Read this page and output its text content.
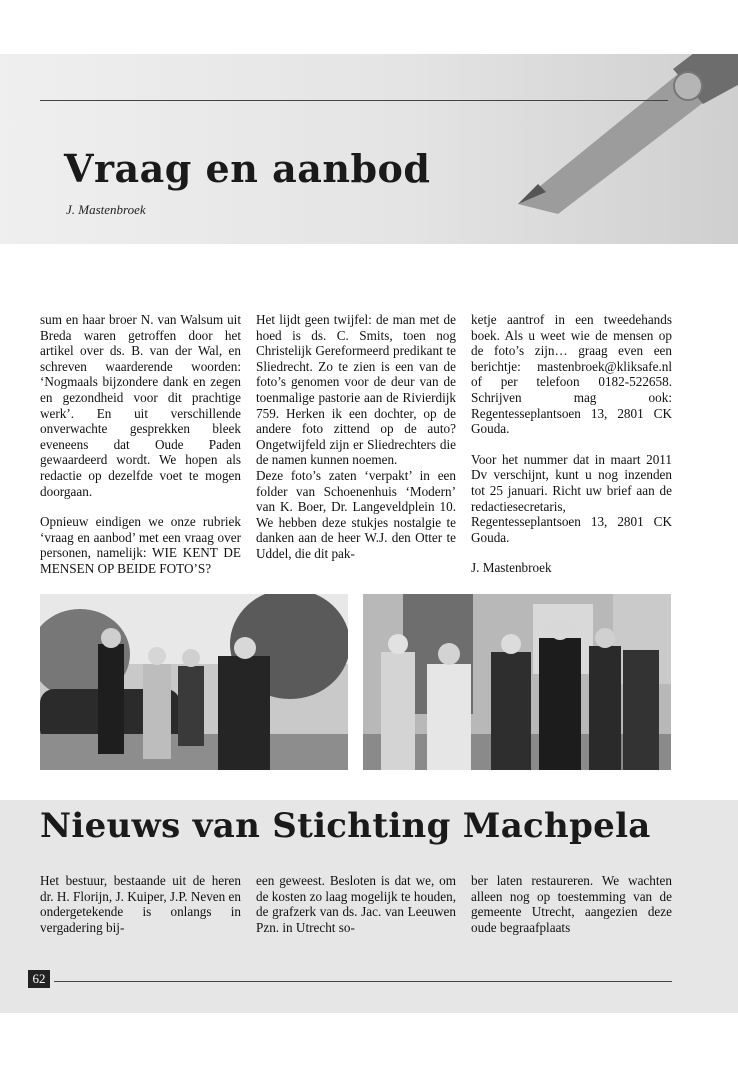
Vraag en aanbod
J. Mastenbroek

sum en haar broer N. van Walsum uit Breda waren getroffen door het artikel over ds. B. van der Wal, en schreven waarderende woorden: ‘Nogmaals bijzondere dank en zegen en gezondheid voor dit prachtige werk’. En uit verschillende onverwachte gesprekken bleek eveneens dat Oude Paden gewaardeerd wordt. We hopen als redactie op dezelfde voet te mogen doorgaan.

Opnieuw eindigen we onze rubriek ‘vraag en aanbod’ met een vraag over personen, namelijk: WIE KENT DE MENSEN OP BEIDE FOTO’S?

Het lijdt geen twijfel: de man met de hoed is ds. C. Smits, toen nog Christelijk Gereformeerd predikant te Sliedrecht. Zo te zien is een van de foto’s genomen voor de deur van de toenmalige pastorie aan de Rivierdijk 759. Herken ik een dochter, op de andere foto zittend op de auto? Ongetwijfeld zijn er Sliedrechters die de namen kunnen noemen.

Deze foto’s zaten ‘verpakt’ in een folder van Schoenenhuis ‘Modern’ van K. Boer, Dr. Langeveldplein 10. We hebben deze stukjes nostalgie te danken aan de heer W.J. den Otter te Uddel, die dit pak-

ketje aantrof in een tweedehands boek. Als u weet wie de mensen op de foto’s zijn… graag even een berichtje: mastenbroek@kliksafe.nl of per telefoon 0182-522658. Schrijven mag ook: Regentesseplantsoen 13, 2801 CK Gouda.

Voor het nummer dat in maart 2011 Dv verschijnt, kunt u nog inzenden tot 25 januari. Richt uw brief aan de redactiesecretaris, Regentesseplantsoen 13, 2801 CK Gouda.

J. Mastenbroek

Nieuws van Stichting Machpela
Het bestuur, bestaande uit de heren dr. H. Florijn, J. Kuiper, J.P. Neven en ondergetekende is onlangs in vergadering bij-
een geweest. Besloten is dat we, om de kosten zo laag mogelijk te houden, de grafzerk van ds. Jac. van Leeuwen Pzn. in Utrecht so-
ber laten restaureren. We wachten alleen nog op toestemming van de gemeente Utrecht, aangezien deze oude begraafplaats
62
